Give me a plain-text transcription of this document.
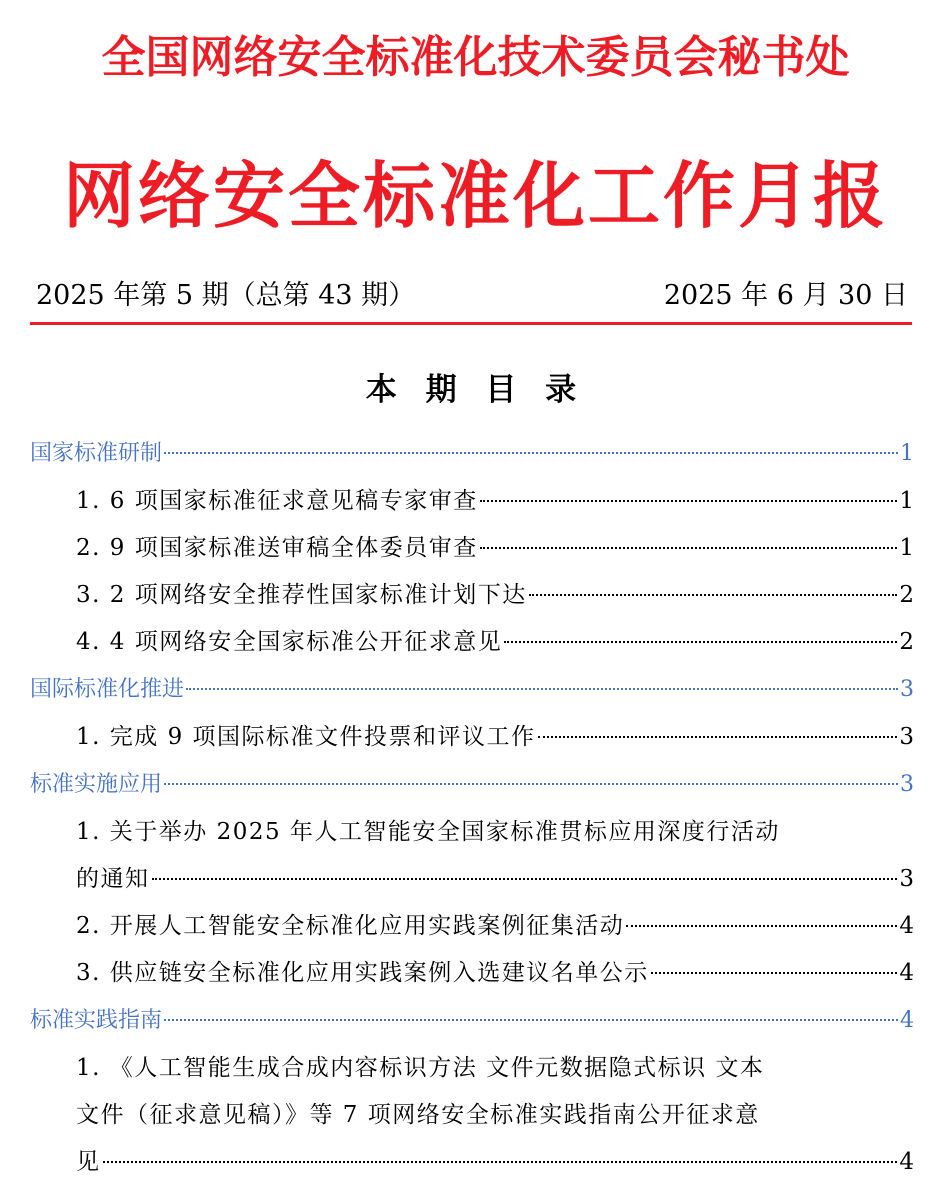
全国网络安全标准化技术委员会秘书处
网络安全标准化工作月报
2025 年第 5 期（总第 43 期）	2025 年 6 月 30 日
本 期 目 录
国家标准研制	1
1. 6 项国家标准征求意见稿专家审查	1
2. 9 项国家标准送审稿全体委员审查	1
3. 2 项网络安全推荐性国家标准计划下达	2
4. 4 项网络安全国家标准公开征求意见	2
国际标准化推进	3
1. 完成 9 项国际标准文件投票和评议工作	3
标准实施应用	3
1. 关于举办 2025 年人工智能安全国家标准贯标应用深度行活动
的通知	3
2. 开展人工智能安全标准化应用实践案例征集活动	4
3. 供应链安全标准化应用实践案例入选建议名单公示	4
标准实践指南	4
1. 《人工智能生成合成内容标识方法 文件元数据隐式标识 文本
文件（征求意见稿）》等 7 项网络安全标准实践指南公开征求意
见	4
